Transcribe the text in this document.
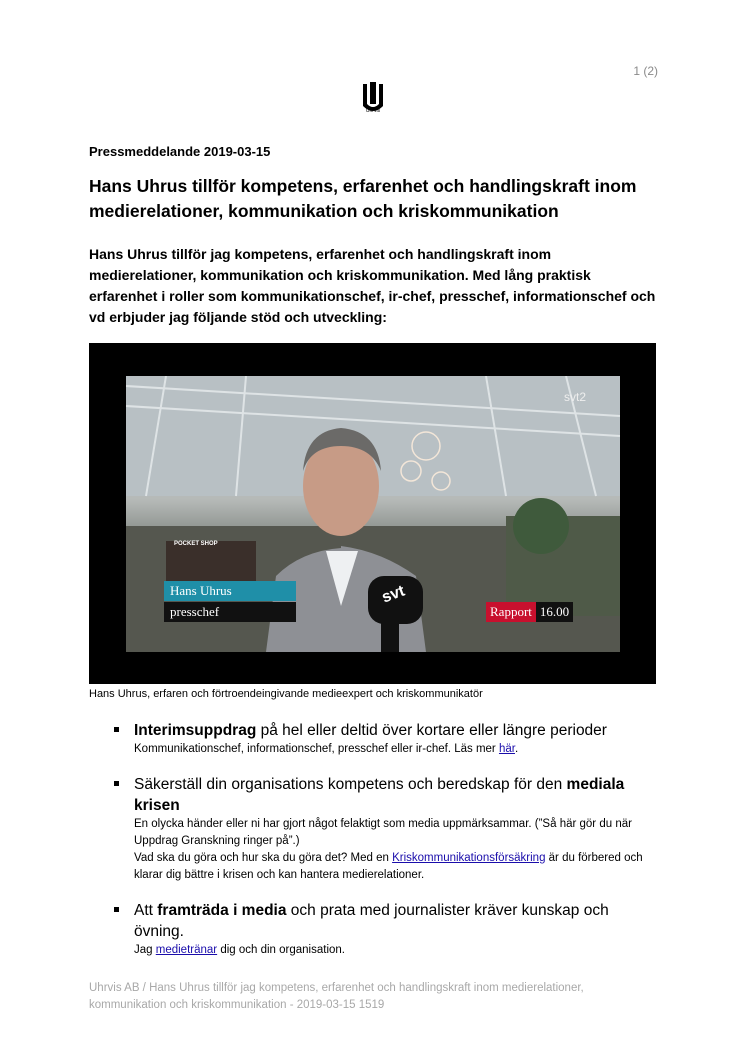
1 (2)
Uhrvis
Pressmeddelande 2019-03-15
Hans Uhrus tillför kompetens, erfarenhet och handlingskraft inom medierelationer, kommunikation och kriskommunikation
Hans Uhrus tillför jag kompetens, erfarenhet och handlingskraft inom medierelationer, kommunikation och kriskommunikation. Med lång praktisk erfarenhet i roller som kommunikationschef, ir-chef, presschef, informationschef och vd erbjuder jag följande stöd och utveckling:
svt2
svt
POCKET SHOP
Hans Uhrus
presschef	Rapport 16.00
Hans Uhrus, erfaren och förtroendeingivande medieexpert och kriskommunikatör
Interimsuppdrag på hel eller deltid över kortare eller längre perioder
Kommunikationschef, informationschef, presschef eller ir-chef. Läs mer här.
Säkerställ din organisations kompetens och beredskap för den mediala krisen
En olycka händer eller ni har gjort något felaktigt som media uppmärksammar. (”Så här gör du när Uppdrag Granskning ringer på”.)
Vad ska du göra och hur ska du göra det? Med en Kriskommunikationsförsäkring är du förbered och klarar dig bättre i krisen och kan hantera medierelationer.
Att framträda i media och prata med journalister kräver kunskap och övning.
Jag medietränar dig och din organisation.
Uhrvis AB / Hans Uhrus tillför jag kompetens, erfarenhet och handlingskraft inom medierelationer, kommunikation och kriskommunikation - 2019-03-15 1519
